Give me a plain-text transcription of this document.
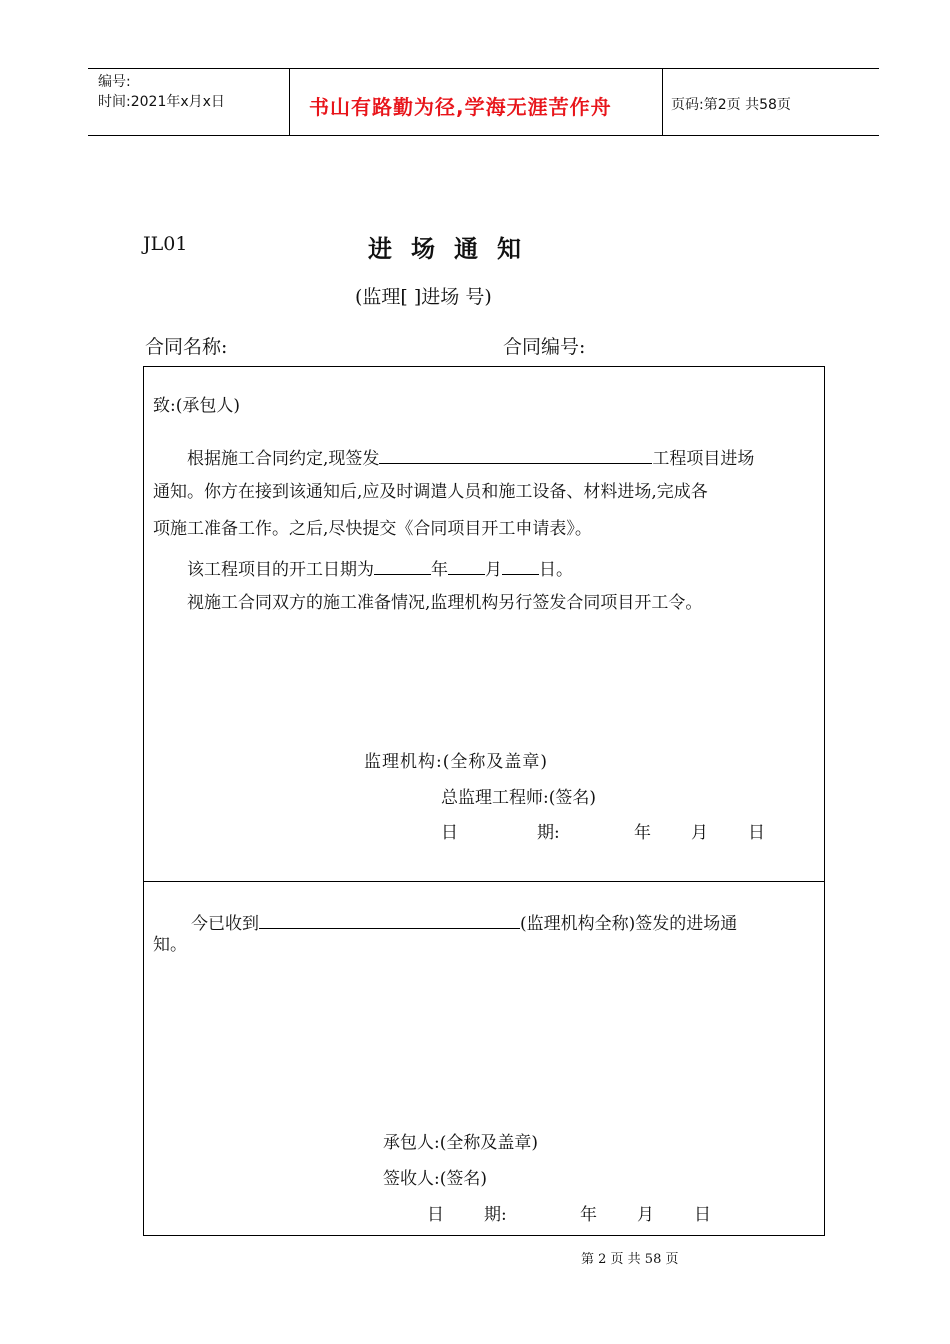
编号:
时间:2021年x月x日	书山有路勤为径,学海无涯苦作舟	页码:第2页 共58页
JL01	进场通知
(监理[ ]进场 号)
合同名称:	合同编号:
致:(承包人)
根据施工合同约定,现签发	工程项目进场
通知。你方在接到该通知后,应及时调遣人员和施工设备、材料进场,完成各
项施工准备工作。之后,尽快提交《合同项目开工申请表》。
该工程项目的开工日期为	年 月 日。
视施工合同双方的施工准备情况,监理机构另行签发合同项目开工令。
监理机构:(全称及盖章)
总监理工程师:(签名)
日	期:	年 月 日
今已收到	(监理机构全称)签发的进场通
知。
承包人:(全称及盖章)
签收人:(签名)
日 期:	年 月 日
第 2 页 共 58 页
